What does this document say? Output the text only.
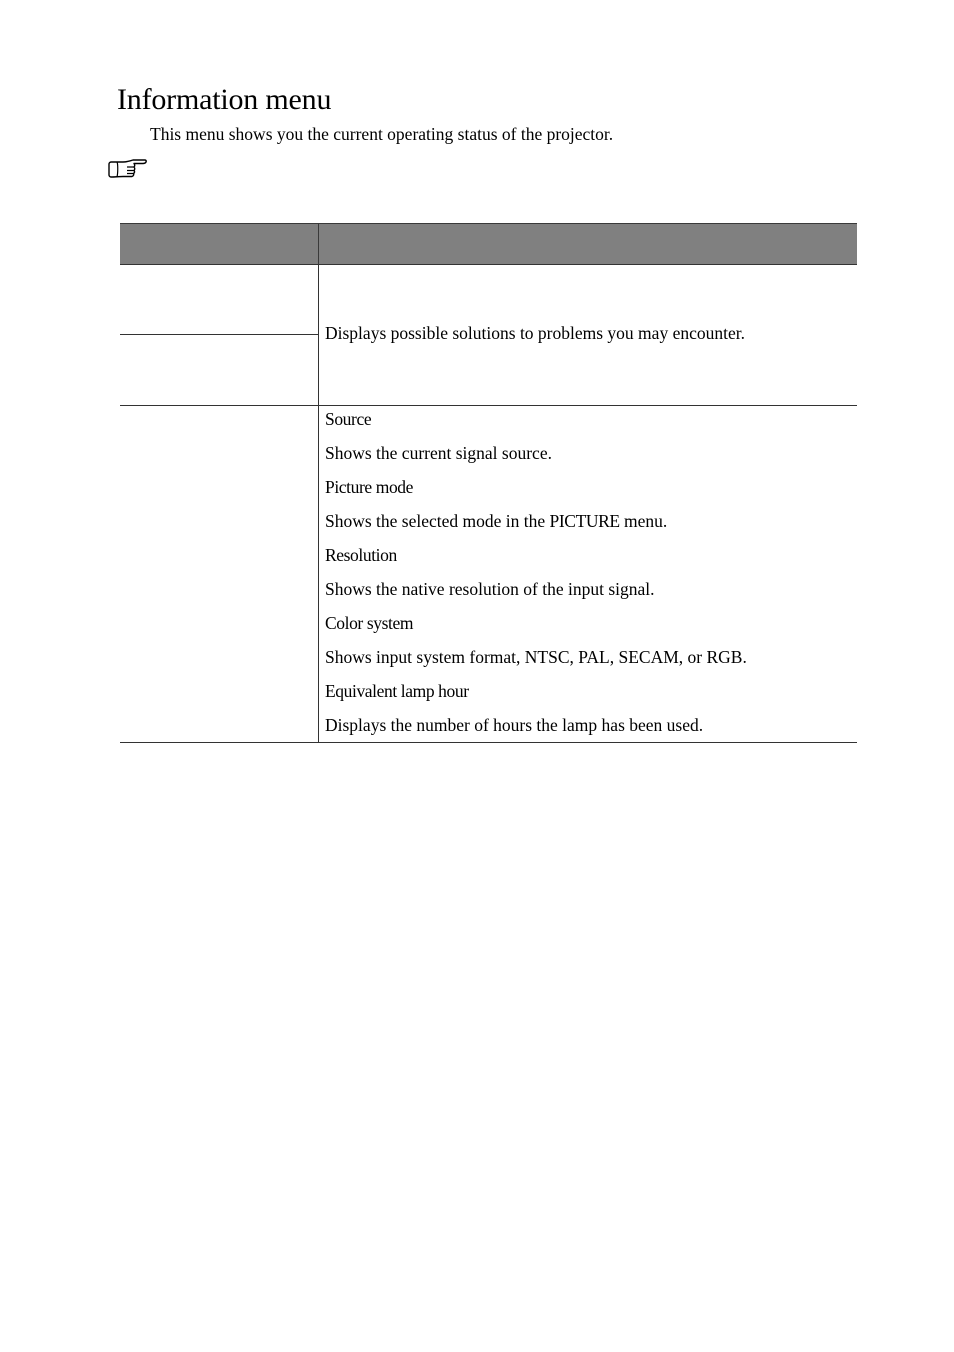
Information menu

This menu shows you the current operating status of the projector.

Displays possible solutions to problems you may encounter.
Source
Shows the current signal source.
Picture mode
Shows the selected mode in the PICTURE menu.
Resolution
Shows the native resolution of the input signal.
Color system
Shows input system format, NTSC, PAL, SECAM, or RGB.
Equivalent lamp hour
Displays the number of hours the lamp has been used.
